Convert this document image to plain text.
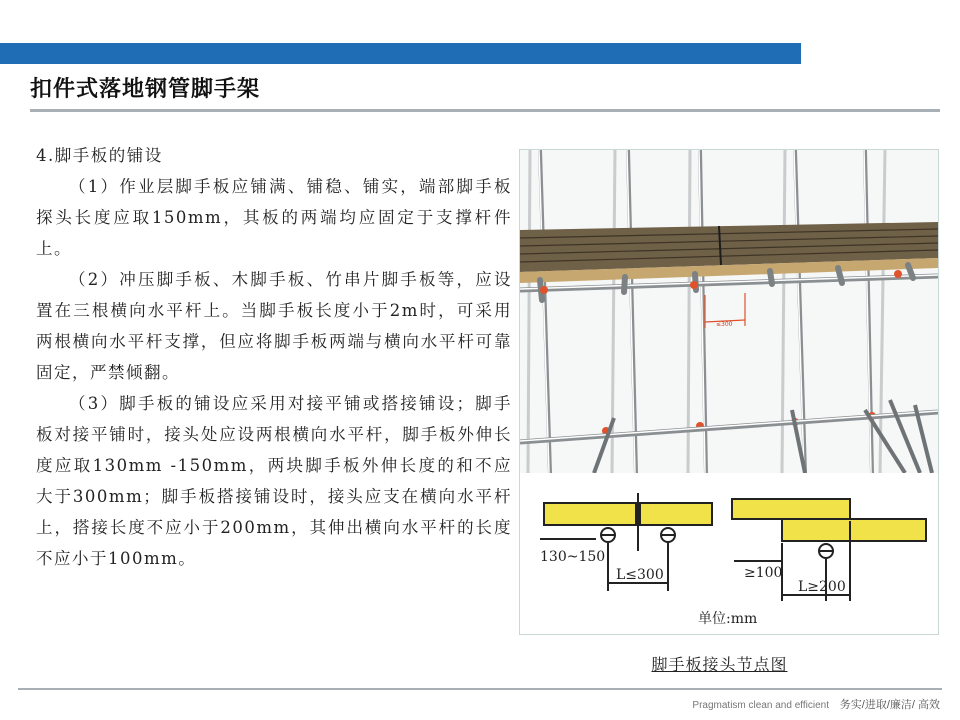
扣件式落地钢管脚手架

4.脚手板的铺设

（1）作业层脚手板应铺满、铺稳、铺实，端部脚手板探头长度应取150mm，其板的两端均应固定于支撑杆件上。

（2）冲压脚手板、木脚手板、竹串片脚手板等，应设置在三根横向水平杆上。当脚手板长度小于2m时，可采用两根横向水平杆支撑，但应将脚手板两端与横向水平杆可靠固定，严禁倾翻。

（3）脚手板的铺设应采用对接平铺或搭接铺设；脚手板对接平铺时，接头处应设两根横向水平杆，脚手板外伸长度应取130mm -150mm，两块脚手板外伸长度的和不应大于300mm；脚手板搭接铺设时，接头应支在横向水平杆上，搭接长度不应小于200mm，其伸出横向水平杆的长度不应小于100mm。

≤300
130~150
L≤300	≥100
L≥200
单位:mm
脚手板接头节点图
Pragmatism clean and efficient 务实/进取/廉洁/ 高效
